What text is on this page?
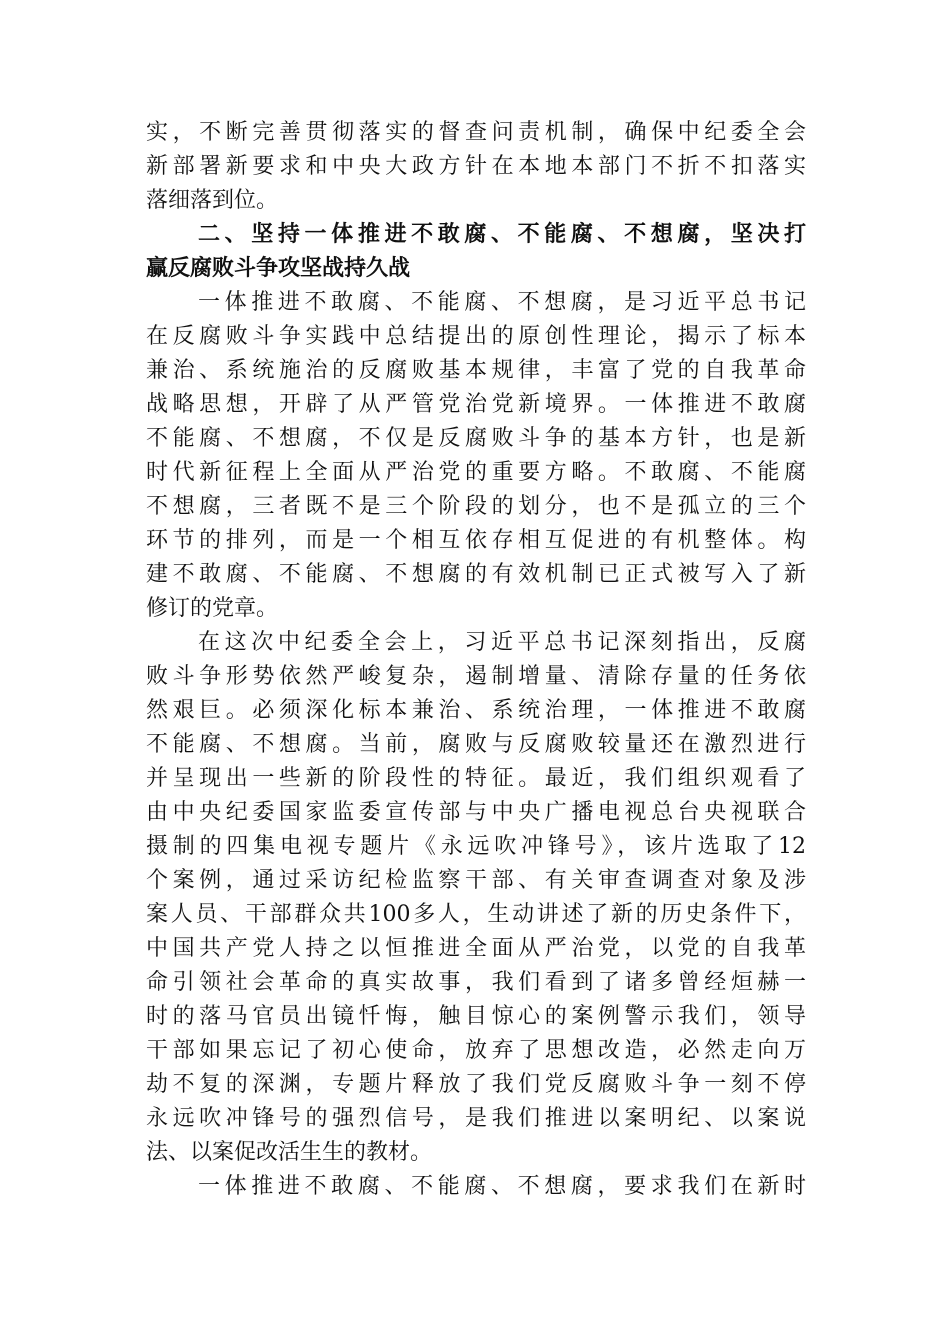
实，不断完善贯彻落实的督查问责机制，确保中纪委全会
新部署新要求和中央大政方针在本地本部门不折不扣落实
落细落到位。
二、坚持一体推进不敢腐、不能腐、不想腐，坚决打
赢反腐败斗争攻坚战持久战
一体推进不敢腐、不能腐、不想腐，是习近平总书记
在反腐败斗争实践中总结提出的原创性理论，揭示了标本
兼治、系统施治的反腐败基本规律，丰富了党的自我革命
战略思想，开辟了从严管党治党新境界。一体推进不敢腐
不能腐、不想腐，不仅是反腐败斗争的基本方针，也是新
时代新征程上全面从严治党的重要方略。不敢腐、不能腐
不想腐，三者既不是三个阶段的划分，也不是孤立的三个
环节的排列，而是一个相互依存相互促进的有机整体。构
建不敢腐、不能腐、不想腐的有效机制已正式被写入了新
修订的党章。
在这次中纪委全会上，习近平总书记深刻指出，反腐
败斗争形势依然严峻复杂，遏制增量、清除存量的任务依
然艰巨。必须深化标本兼治、系统治理，一体推进不敢腐
不能腐、不想腐。当前，腐败与反腐败较量还在激烈进行
并呈现出一些新的阶段性的特征。最近，我们组织观看了
由中央纪委国家监委宣传部与中央广播电视总台央视联合
摄制的四集电视专题片《永远吹冲锋号》，该片选取了12
个案例，通过采访纪检监察干部、有关审查调查对象及涉
案人员、干部群众共100多人，生动讲述了新的历史条件下，
中国共产党人持之以恒推进全面从严治党，以党的自我革
命引领社会革命的真实故事，我们看到了诸多曾经烜赫一
时的落马官员出镜忏悔，触目惊心的案例警示我们，领导
干部如果忘记了初心使命，放弃了思想改造，必然走向万
劫不复的深渊，专题片释放了我们党反腐败斗争一刻不停
永远吹冲锋号的强烈信号，是我们推进以案明纪、以案说
法、以案促改活生生的教材。
一体推进不敢腐、不能腐、不想腐，要求我们在新时
